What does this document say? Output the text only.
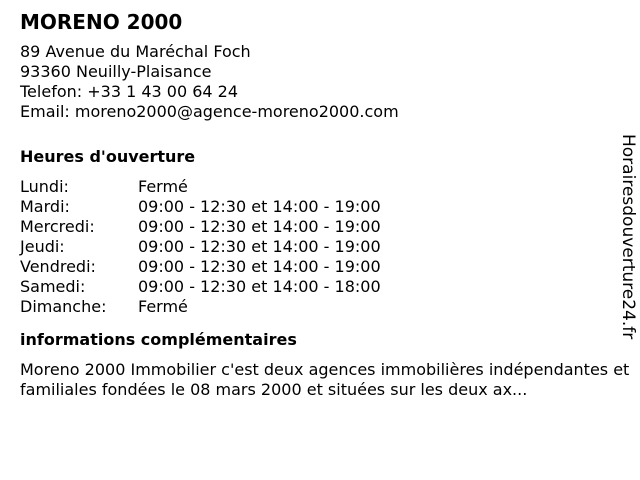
MORENO 2000
89 Avenue du Maréchal Foch
93360 Neuilly-Plaisance
Telefon: +33 1 43 00 64 24
Email: moreno2000@agence-moreno2000.com
Heures d'ouverture
Lundi:	Fermé
Mardi:	09:00 - 12:30 et 14:00 - 19:00
Mercredi:	09:00 - 12:30 et 14:00 - 19:00
Jeudi:	09:00 - 12:30 et 14:00 - 19:00
Vendredi:	09:00 - 12:30 et 14:00 - 19:00
Samedi:	09:00 - 12:30 et 14:00 - 18:00
Dimanche:	Fermé
informations complémentaires
Moreno 2000 Immobilier c'est deux agences immobilières indépendantes et familiales fondées le 08 mars 2000 et situées sur les deux ax...
Horairesdouverture24.fr
